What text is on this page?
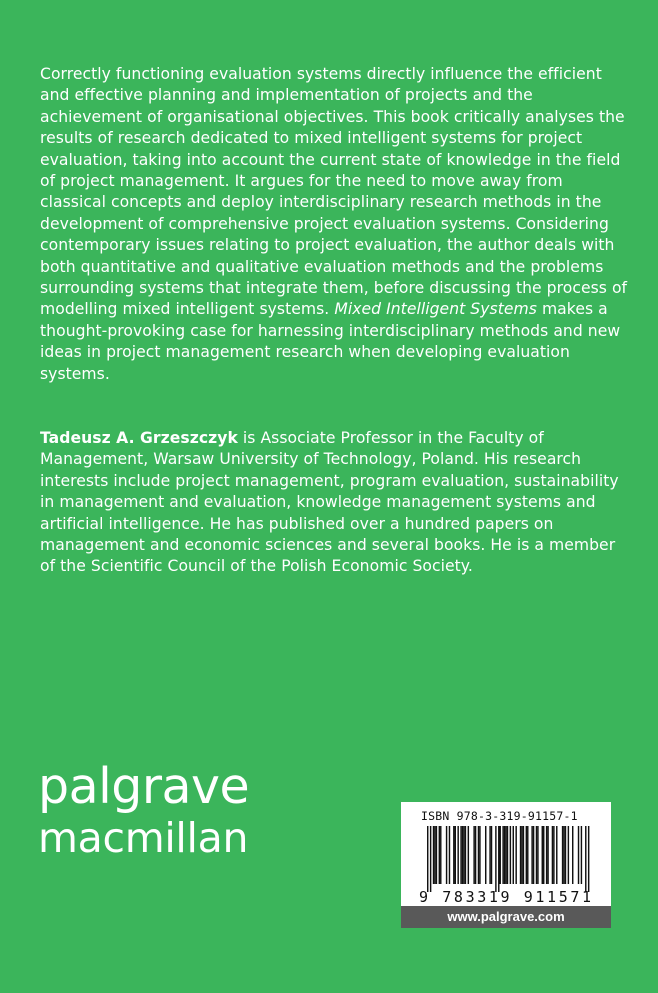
Correctly functioning evaluation systems directly influence the efficient and effective planning and implementation of projects and the achievement of organisational objectives. This book critically analyses the results of research dedicated to mixed intelligent systems for project evaluation, taking into account the current state of knowledge in the field of project management. It argues for the need to move away from classical concepts and deploy interdisciplinary research methods in the development of comprehensive project evaluation systems. Considering contemporary issues relating to project evaluation, the author deals with both quantitative and qualitative evaluation methods and the problems surrounding systems that integrate them, before discussing the process of modelling mixed intelligent systems. Mixed Intelligent Systems makes a thought-provoking case for harnessing interdisciplinary methods and new ideas in project management research when developing evaluation systems.

Tadeusz A. Grzeszczyk is Associate Professor in the Faculty of Management, Warsaw University of Technology, Poland. His research interests include project management, program evaluation, sustainability in management and evaluation, knowledge management systems and artificial intelligence. He has published over a hundred papers on management and economic sciences and several books. He is a member of the Scientific Council of the Polish Economic Society.

palgrave
macmillan	ISBN 978-3-319-91157-1
9 783319 911571
www.palgrave.com
